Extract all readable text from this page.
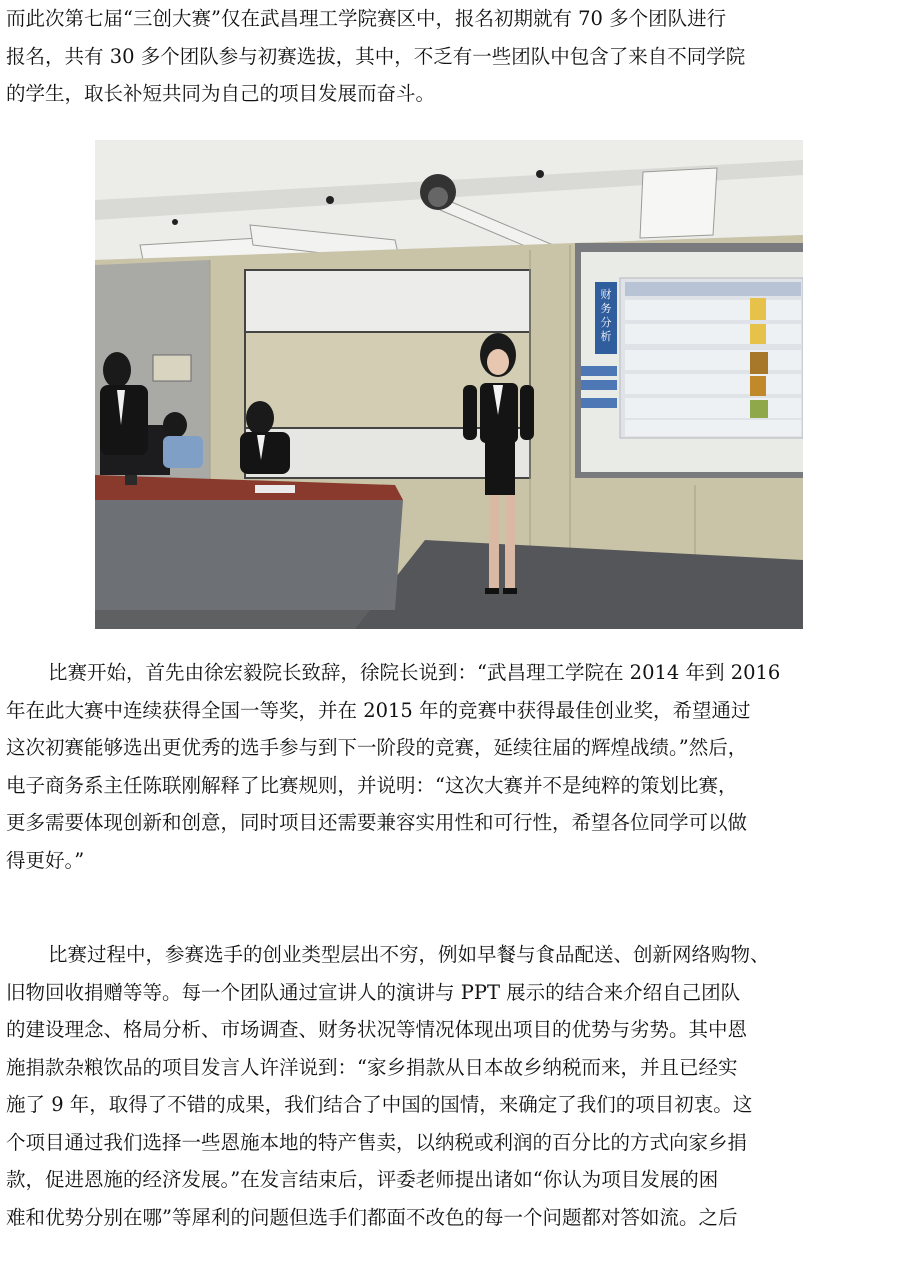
而此次第七届“三创大赛”仅在武昌理工学院赛区中，报名初期就有 70 多个团队进行
报名，共有 30 多个团队参与初赛选拔，其中，不乏有一些团队中包含了来自不同学院
的学生，取长补短共同为自己的项目发展而奋斗。
财
务
分
析
比赛开始，首先由徐宏毅院长致辞，徐院长说到：“武昌理工学院在 2014 年到 2016
年在此大赛中连续获得全国一等奖，并在 2015 年的竞赛中获得最佳创业奖，希望通过
这次初赛能够选出更优秀的选手参与到下一阶段的竞赛，延续往届的辉煌战绩。”然后，
电子商务系主任陈联刚解释了比赛规则，并说明：“这次大赛并不是纯粹的策划比赛，
更多需要体现创新和创意，同时项目还需要兼容实用性和可行性，希望各位同学可以做
得更好。”
比赛过程中，参赛选手的创业类型层出不穷，例如早餐与食品配送、创新网络购物、
旧物回收捐赠等等。每一个团队通过宣讲人的演讲与 PPT 展示的结合来介绍自己团队
的建设理念、格局分析、市场调查、财务状况等情况体现出项目的优势与劣势。其中恩
施捐款杂粮饮品的项目发言人许洋说到：“家乡捐款从日本故乡纳税而来，并且已经实
施了 9 年，取得了不错的成果，我们结合了中国的国情，来确定了我们的项目初衷。这
个项目通过我们选择一些恩施本地的特产售卖，以纳税或利润的百分比的方式向家乡捐
款，促进恩施的经济发展。”在发言结束后，评委老师提出诸如“你认为项目发展的困
难和优势分别在哪”等犀利的问题但选手们都面不改色的每一个问题都对答如流。之后
